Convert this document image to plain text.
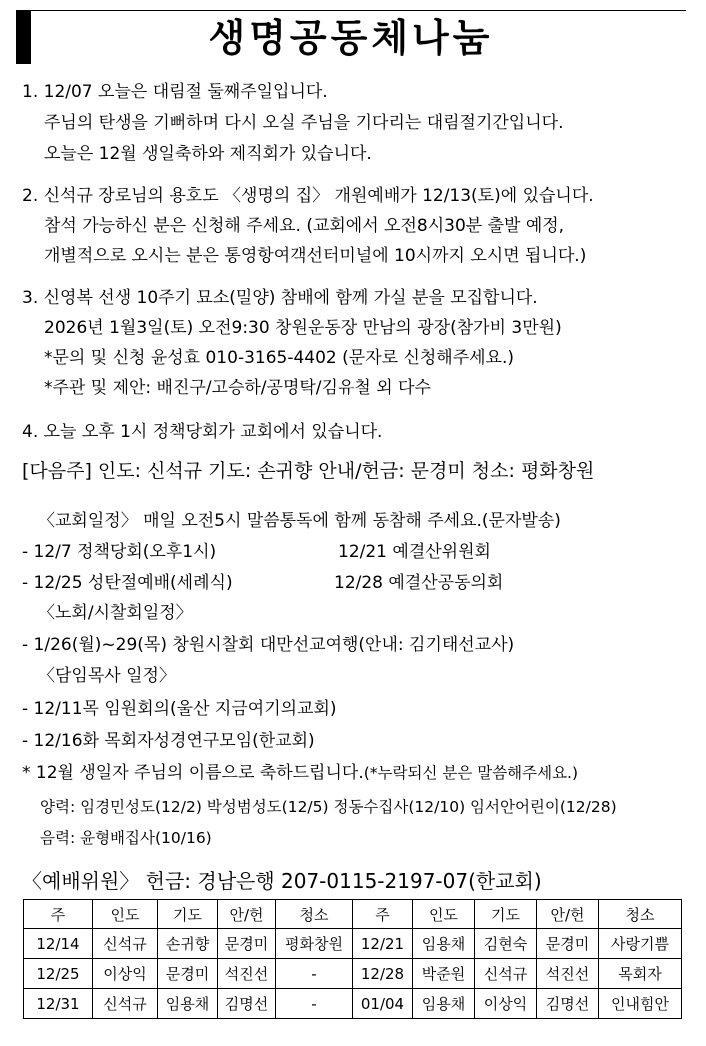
생명공동체나눔
1. 12/07 오늘은 대림절 둘째주일입니다.
주님의 탄생을 기뻐하며 다시 오실 주님을 기다리는 대림절기간입니다.
오늘은 12월 생일축하와 제직회가 있습니다.
2. 신석규 장로님의 용호도 〈생명의 집〉 개원예배가 12/13(토)에 있습니다.
참석 가능하신 분은 신청해 주세요. (교회에서 오전8시30분 출발 예정,
개별적으로 오시는 분은 통영항여객선터미널에 10시까지 오시면 됩니다.)
3. 신영복 선생 10주기 묘소(밀양) 참배에 함께 가실 분을 모집합니다.
2026년 1월3일(토) 오전9:30 창원운동장 만남의 광장(참가비 3만원)
*문의 및 신청 윤성효 010-3165-4402 (문자로 신청해주세요.)
*주관 및 제안: 배진구/고승하/공명탁/김유철 외 다수
4. 오늘 오후 1시 정책당회가 교회에서 있습니다.
[다음주] 인도: 신석규 기도: 손귀향 안내/헌금: 문경미 청소: 평화창원
〈교회일정〉 매일 오전5시 말씀통독에 함께 동참해 주세요.(문자발송)
- 12/7 정책당회(오후1시)	12/21 예결산위원회
- 12/25 성탄절예배(세례식)	12/28 예결산공동의회
〈노회/시찰회일정〉
- 1/26(월)~29(목) 창원시찰회 대만선교여행(안내: 김기태선교사)
〈담임목사 일정〉
- 12/11목 임원회의(울산 지금여기의교회)
- 12/16화 목회자성경연구모임(한교회)
* 12월 생일자 주님의 이름으로 축하드립니다.(*누락되신 분은 말씀해주세요.)
양력: 임경민성도(12/2) 박성범성도(12/5) 정동수집사(12/10) 임서안어린이(12/28)
음력: 윤형배집사(10/16)
〈예배위원〉 헌금: 경남은행 207-0115-2197-07(한교회)
주	인도	기도	안/헌	청소	주	인도	기도	안/헌	청소
12/14	신석규	손귀향	문경미	평화창원	12/21	임용채	김현숙	문경미	사랑기쁨
12/25	이상익	문경미	석진선	-	12/28	박준원	신석규	석진선	목회자
12/31	신석규	임용채	김명선	-	01/04	임용채	이상익	김명선	인내힘안
